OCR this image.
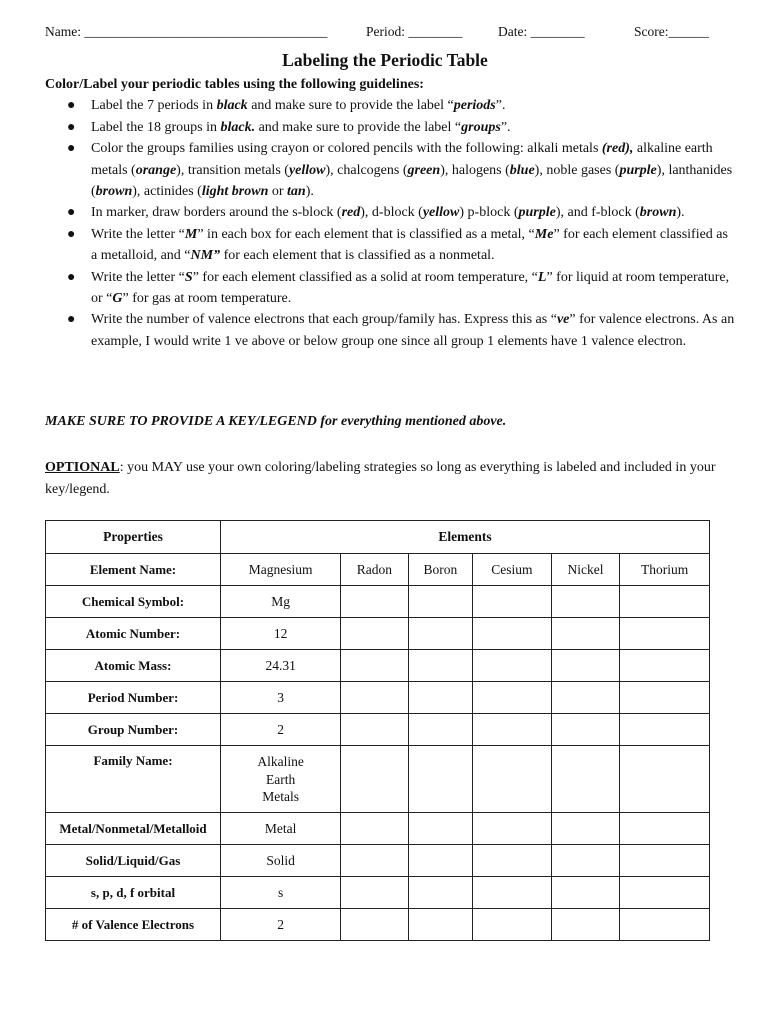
Name: ____________________________________	Period: ________	Date: ________	Score:______
Labeling the Periodic Table

Color/Label your periodic tables using the following guidelines:

● Label the 7 periods in black and make sure to provide the label “periods”.
● Label the 18 groups in black. and make sure to provide the label “groups”.
● Color the groups families using crayon or colored pencils with the following: alkali metals (red), alkaline earth metals (orange), transition metals (yellow), chalcogens (green), halogens (blue), noble gases (purple), lanthanides (brown), actinides (light brown or tan).
● In marker, draw borders around the s-block (red), d-block (yellow) p-block (purple), and f-block (brown).
● Write the letter “M” in each box for each element that is classified as a metal, “Me” for each element classified as a metalloid, and “NM” for each element that is classified as a nonmetal.
● Write the letter “S” for each element classified as a solid at room temperature, “L” for liquid at room temperature, or “G” for gas at room temperature.
● Write the number of valence electrons that each group/family has. Express this as “ve” for valence electrons. As an example, I would write 1 ve above or below group one since all group 1 elements have 1 valence electron.
MAKE SURE TO PROVIDE A KEY/LEGEND for everything mentioned above.
OPTIONAL: you MAY use your own coloring/labeling strategies so long as everything is labeled and included in your key/legend.
Properties	Elements					
Element Name:	Magnesium	Radon	Boron	Cesium	Nickel	Thorium
Chemical Symbol:	Mg					
Atomic Number:	12					
Atomic Mass:	24.31					
Period Number:	3					
Group Number:	2					
Family Name:	Alkaline
Earth
Metals					

Metal/Nonmetal/Metalloid	Metal					
Solid/Liquid/Gas	Solid					
s, p, d, f orbital	s					
# of Valence Electrons	2					
